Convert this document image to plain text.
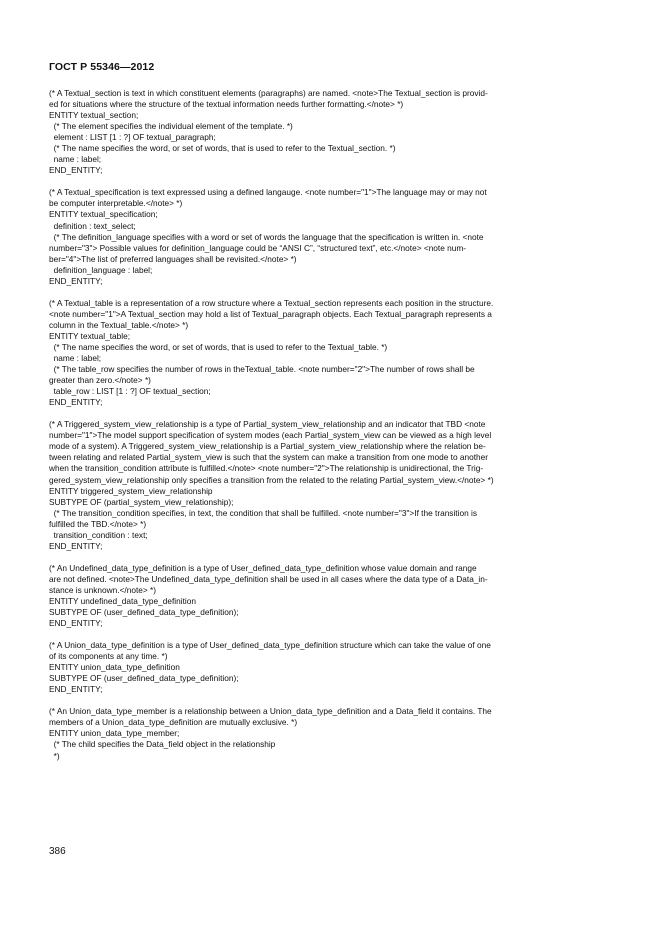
ГОСТ Р 55346—2012
(* A Textual_section is text in which constituent elements (paragraphs) are named. <note>The Textual_section is provid-
ed for situations where the structure of the textual information needs further formatting.</note> *)
ENTITY textual_section;
(* The element specifies the individual element of the template. *)
element : LIST [1 : ?] OF textual_paragraph;
(* The name specifies the word, or set of words, that is used to refer to the Textual_section. *)
name : label;
END_ENTITY;
(* A Textual_specification is text expressed using a defined langauge. <note number="1">The language may or may not
be computer interpretable.</note> *)
ENTITY textual_specification;
definition : text_select;
(* The definition_language specifies with a word or set of words the language that the specification is written in. <note
number="3"> Possible values for definition_language could be “ANSI C”, “structured text”, etc.</note> <note num-
ber="4">The list of preferred languages shall be revisited.</note> *)
definition_language : label;
END_ENTITY;
(* A Textual_table is a representation of a row structure where a Textual_section represents each position in the structure.
<note number="1">A Textual_section may hold a list of Textual_paragraph objects. Each Textual_paragraph represents a
column in the Textual_table.</note> *)
ENTITY textual_table;
(* The name specifies the word, or set of words, that is used to refer to the Textual_table. *)
name : label;
(* The table_row specifies the number of rows in theTextual_table. <note number="2">The number of rows shall be
greater than zero.</note> *)
table_row : LIST [1 : ?] OF textual_section;
END_ENTITY;
(* A Triggered_system_view_relationship is a type of Partial_system_view_relationship and an indicator that TBD <note
number="1">The model support specification of system modes (each Partial_system_view can be viewed as a high level
mode of a system). A Triggered_system_view_relationship is a Partial_system_view_relationship where the relation be-
tween relating and related Partial_system_view is such that the system can make a transition from one mode to another
when the transition_condition attribute is fulfilled.</note> <note number="2">The relationship is unidirectional, the Trig-
gered_system_view_relationship only specifies a transition from the related to the relating Partial_system_view.</note> *)
ENTITY triggered_system_view_relationship
SUBTYPE OF (partial_system_view_relationship);
(* The transition_condition specifies, in text, the condition that shall be fulfilled. <note number="3">If the transition is
fulfilled the TBD.</note> *)
transition_condition : text;
END_ENTITY;
(* An Undefined_data_type_definition is a type of User_defined_data_type_definition whose value domain and range
are not defined. <note>The Undefined_data_type_definition shall be used in all cases where the data type of a Data_in-
stance is unknown.</note> *)
ENTITY undefined_data_type_definition
SUBTYPE OF (user_defined_data_type_definition);
END_ENTITY;
(* A Union_data_type_definition is a type of User_defined_data_type_definition structure which can take the value of one
of its components at any time. *)
ENTITY union_data_type_definition
SUBTYPE OF (user_defined_data_type_definition);
END_ENTITY;
(* An Union_data_type_member is a relationship between a Union_data_type_definition and a Data_field it contains. The
members of a Union_data_type_definition are mutually exclusive. *)
ENTITY union_data_type_member;
(* The child specifies the Data_field object in the relationship
*)
386
